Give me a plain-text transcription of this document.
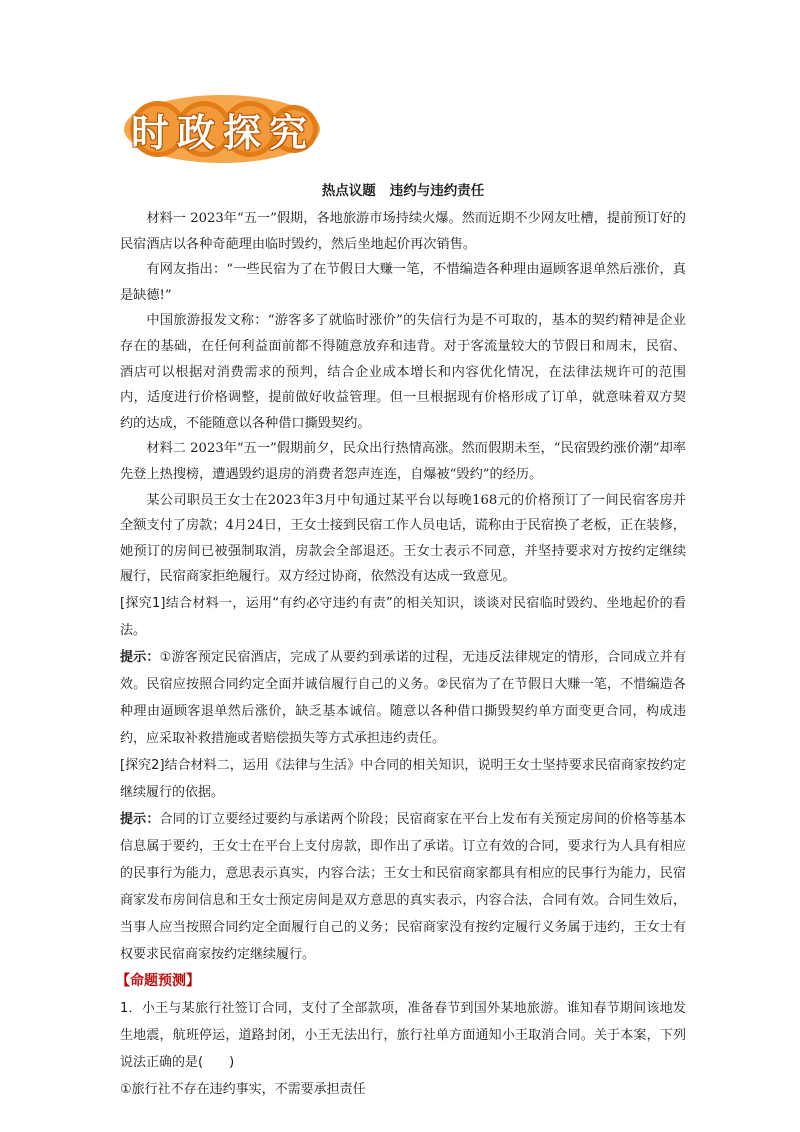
时 政 探 究
热点议题 违约与违约责任

材料一 2023年“五一”假期，各地旅游市场持续火爆。然而近期不少网友吐槽，提前预订好的民宿酒店以各种奇葩理由临时毁约，然后坐地起价再次销售。

有网友指出：“一些民宿为了在节假日大赚一笔，不惜编造各种理由逼顾客退单然后涨价，真是缺德!”

中国旅游报发文称：“游客多了就临时涨价”的失信行为是不可取的，基本的契约精神是企业存在的基础，在任何利益面前都不得随意放弃和违背。对于客流量较大的节假日和周末，民宿、酒店可以根据对消费需求的预判，结合企业成本增长和内容优化情况，在法律法规许可的范围内，适度进行价格调整，提前做好收益管理。但一旦根据现有价格形成了订单，就意味着双方契约的达成，不能随意以各种借口撕毁契约。

材料二 2023年“五一”假期前夕，民众出行热情高涨。然而假期未至，“民宿毁约涨价潮”却率先登上热搜榜，遭遇毁约退房的消费者怨声连连，自爆被“毁约”的经历。

某公司职员王女士在2023年3月中旬通过某平台以每晚168元的价格预订了一间民宿客房并全额支付了房款；4月24日，王女士接到民宿工作人员电话，谎称由于民宿换了老板，正在装修，她预订的房间已被强制取消，房款会全部退还。王女士表示不同意，并坚持要求对方按约定继续履行，民宿商家拒绝履行。双方经过协商，依然没有达成一致意见。

[探究1]结合材料一，运用“有约必守违约有责”的相关知识，谈谈对民宿临时毁约、坐地起价的看法。

提示：①游客预定民宿酒店，完成了从要约到承诺的过程，无违反法律规定的情形，合同成立并有效。民宿应按照合同约定全面并诚信履行自己的义务。②民宿为了在节假日大赚一笔，不惜编造各种理由逼顾客退单然后涨价，缺乏基本诚信。随意以各种借口撕毁契约单方面变更合同，构成违约，应采取补救措施或者赔偿损失等方式承担违约责任。

[探究2]结合材料二，运用《法律与生活》中合同的相关知识，说明王女士坚持要求民宿商家按约定继续履行的依据。

提示：合同的订立要经过要约与承诺两个阶段；民宿商家在平台上发布有关预定房间的价格等基本信息属于要约，王女士在平台上支付房款，即作出了承诺。订立有效的合同，要求行为人具有相应的民事行为能力，意思表示真实，内容合法；王女士和民宿商家都具有相应的民事行为能力，民宿商家发布房间信息和王女士预定房间是双方意思的真实表示，内容合法，合同有效。合同生效后，当事人应当按照合同约定全面履行自己的义务；民宿商家没有按约定履行义务属于违约，王女士有权要求民宿商家按约定继续履行。

【命题预测】

1．小王与某旅行社签订合同，支付了全部款项，准备春节到国外某地旅游。谁知春节期间该地发生地震，航班停运，道路封闭，小王无法出行，旅行社单方面通知小王取消合同。关于本案，下列说法正确的是(　　)

①旅行社不存在违约事实，不需要承担责任
